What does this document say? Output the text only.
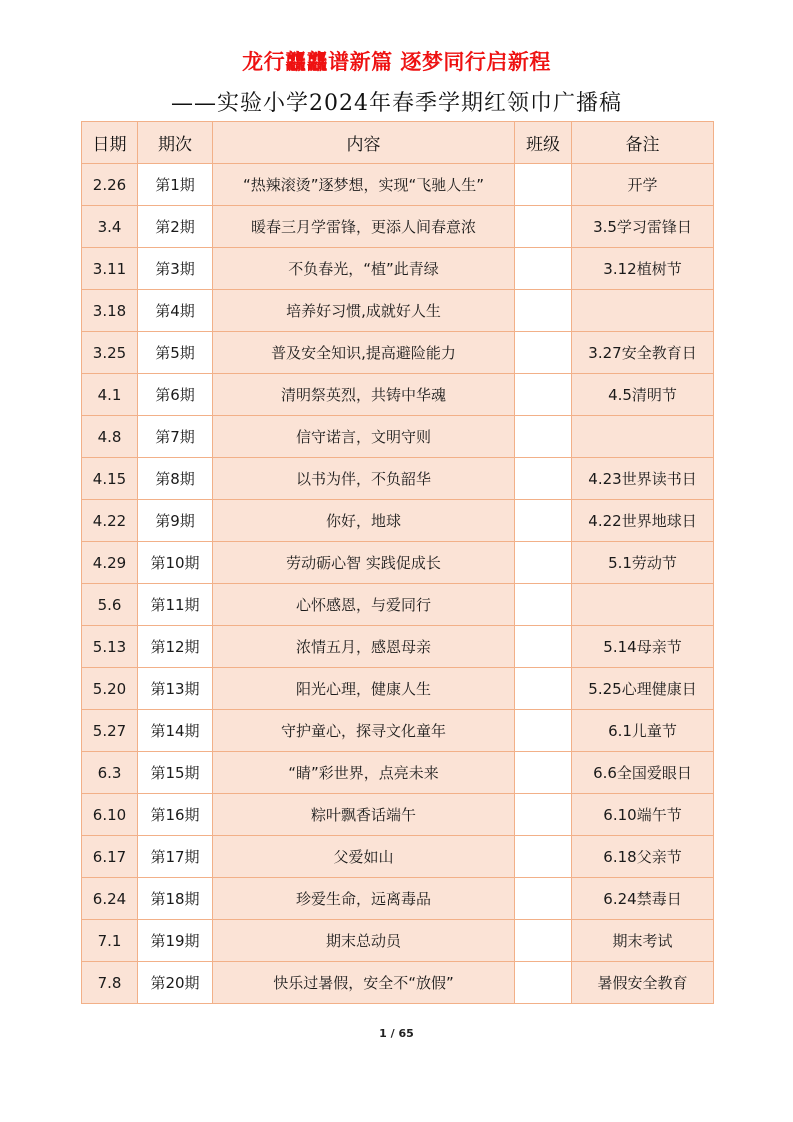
龙行龘龘谱新篇 逐梦同行启新程
——实验小学2024年春季学期红领巾广播稿
日期	期次	内容	班级	备注
2.26	第1期	“热辣滚烫”逐梦想，实现“飞驰人生”		开学
3.4	第2期	暖春三月学雷锋，更添人间春意浓		3.5学习雷锋日
3.11	第3期	不负春光，“植”此青绿		3.12植树节
3.18	第4期	培养好习惯,成就好人生		
3.25	第5期	普及安全知识,提高避险能力		3.27安全教育日
4.1	第6期	清明祭英烈，共铸中华魂		4.5清明节
4.8	第7期	信守诺言，文明守则		
4.15	第8期	以书为伴，不负韶华		4.23世界读书日
4.22	第9期	你好，地球		4.22世界地球日
4.29	第10期	劳动砺心智 实践促成长		5.1劳动节
5.6	第11期	心怀感恩，与爱同行		
5.13	第12期	浓情五月，感恩母亲		5.14母亲节
5.20	第13期	阳光心理，健康人生		5.25心理健康日
5.27	第14期	守护童心，探寻文化童年		6.1儿童节
6.3	第15期	“睛”彩世界，点亮未来		6.6全国爱眼日
6.10	第16期	粽叶飘香话端午		6.10端午节
6.17	第17期	父爱如山		6.18父亲节
6.24	第18期	珍爱生命，远离毒品		6.24禁毒日
7.1	第19期	期末总动员		期末考试
7.8	第20期	快乐过暑假，安全不“放假”		暑假安全教育
1 / 65
